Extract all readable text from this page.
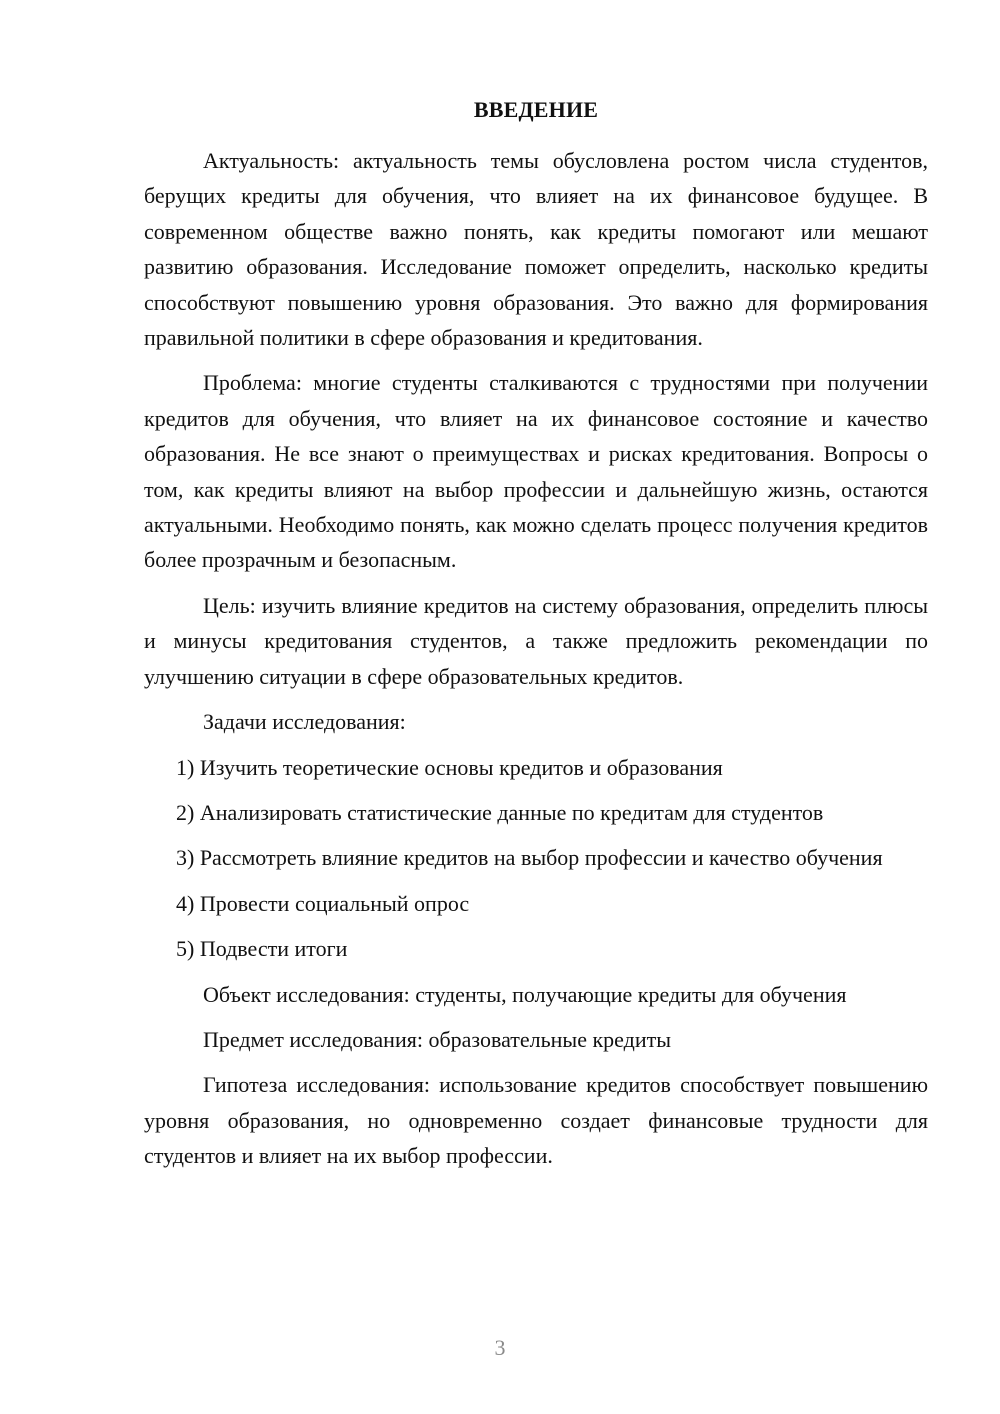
ВВЕДЕНИЕ

Актуальность: актуальность темы обусловлена ростом числа студентов, берущих кредиты для обучения, что влияет на их финансовое будущее. В современном обществе важно понять, как кредиты помогают или мешают развитию образования. Исследование поможет определить, насколько кредиты способствуют повышению уровня образования. Это важно для формирования правильной политики в сфере образования и кредитования.

Проблема: многие студенты сталкиваются с трудностями при получении кредитов для обучения, что влияет на их финансовое состояние и качество образования. Не все знают о преимуществах и рисках кредитования. Вопросы о том, как кредиты влияют на выбор профессии и дальнейшую жизнь, остаются актуальными. Необходимо понять, как можно сделать процесс получения кредитов более прозрачным и безопасным.

Цель: изучить влияние кредитов на систему образования, определить плюсы и минусы кредитования студентов, а также предложить рекомендации по улучшению ситуации в сфере образовательных кредитов.

Задачи исследования:

1) Изучить теоретические основы кредитов и образования

2) Анализировать статистические данные по кредитам для студентов

3) Рассмотреть влияние кредитов на выбор профессии и качество обучения

4) Провести социальный опрос

5) Подвести итоги

Объект исследования: студенты, получающие кредиты для обучения

Предмет исследования: образовательные кредиты

Гипотеза исследования: использование кредитов способствует повышению уровня образования, но одновременно создает финансовые трудности для студентов и влияет на их выбор профессии.

3
